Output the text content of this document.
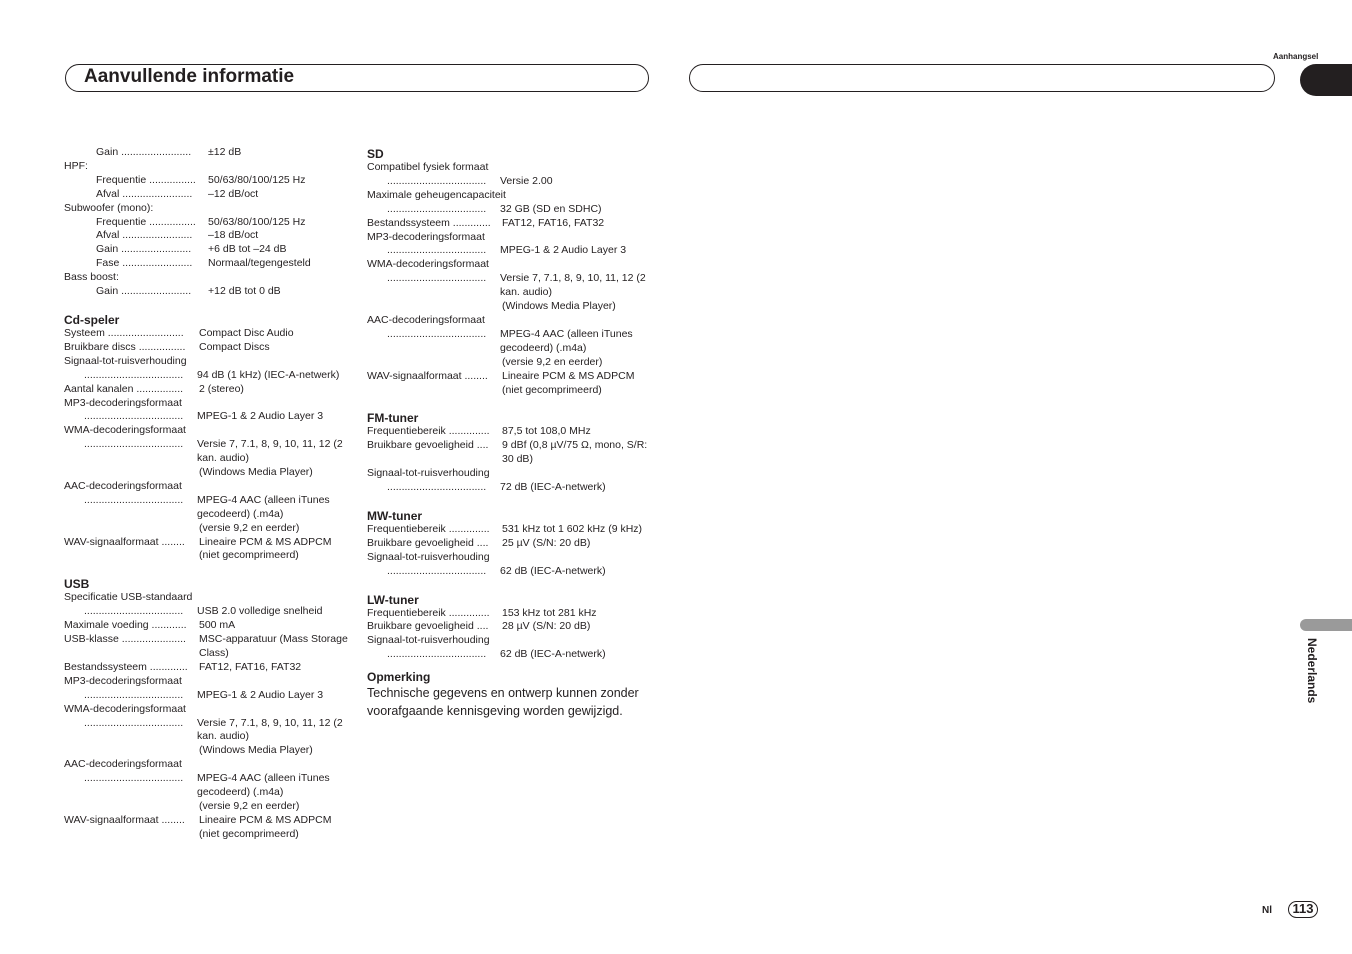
Aanhangsel
Aanvullende informatie
Nederlands
Nl	113
Gain ........................	±12 dB
HPF:
Frequentie ................	50/63/80/100/125 Hz
Afval ........................	–12 dB/oct
Subwoofer (mono):
Frequentie ................	50/63/80/100/125 Hz
Afval ........................	–18 dB/oct
Gain ........................	+6 dB tot –24 dB
Fase ........................	Normaal/tegengesteld
Bass boost:
Gain ........................	+12 dB tot 0 dB
Cd-speler
Systeem ..........................	Compact Disc Audio
Bruikbare discs ................	Compact Discs
Signaal-tot-ruisverhouding
..................................	94 dB (1 kHz) (IEC-A-netwerk)
Aantal kanalen ................	2 (stereo)
MP3-decoderingsformaat
..................................	MPEG-1 & 2 Audio Layer 3
WMA-decoderingsformaat
..................................	Versie 7, 7.1, 8, 9, 10, 11, 12 (2 kan. audio)
(Windows Media Player)
AAC-decoderingsformaat
..................................	MPEG-4 AAC (alleen iTunes gecodeerd) (.m4a)
(versie 9,2 en eerder)
WAV-signaalformaat ........	Lineaire PCM & MS ADPCM (niet gecomprimeerd)
USB
Specificatie USB-standaard
..................................	USB 2.0 volledige snelheid
Maximale voeding ............	500 mA
USB-klasse ......................	MSC-apparatuur (Mass Storage Class)
Bestandssysteem .............	FAT12, FAT16, FAT32
MP3-decoderingsformaat
..................................	MPEG-1 & 2 Audio Layer 3
WMA-decoderingsformaat
..................................	Versie 7, 7.1, 8, 9, 10, 11, 12 (2 kan. audio)
(Windows Media Player)
AAC-decoderingsformaat
..................................	MPEG-4 AAC (alleen iTunes gecodeerd) (.m4a)
(versie 9,2 en eerder)
WAV-signaalformaat ........	Lineaire PCM & MS ADPCM (niet gecomprimeerd)
SD
Compatibel fysiek formaat
..................................	Versie 2.00
Maximale geheugencapaciteit
..................................	32 GB (SD en SDHC)
Bestandssysteem .............	FAT12, FAT16, FAT32
MP3-decoderingsformaat
..................................	MPEG-1 & 2 Audio Layer 3
WMA-decoderingsformaat
..................................	Versie 7, 7.1, 8, 9, 10, 11, 12 (2 kan. audio)
(Windows Media Player)
AAC-decoderingsformaat
..................................	MPEG-4 AAC (alleen iTunes gecodeerd) (.m4a)
(versie 9,2 en eerder)
WAV-signaalformaat ........	Lineaire PCM & MS ADPCM (niet gecomprimeerd)
FM-tuner
Frequentiebereik ..............	87,5 tot 108,0 MHz
Bruikbare gevoeligheid ....	9 dBf (0,8 µV/75 Ω, mono, S/R: 30 dB)
Signaal-tot-ruisverhouding
..................................	72 dB (IEC-A-netwerk)
MW-tuner
Frequentiebereik ..............	531 kHz tot 1 602 kHz (9 kHz)
Bruikbare gevoeligheid ....	25 µV (S/N: 20 dB)
Signaal-tot-ruisverhouding
..................................	62 dB (IEC-A-netwerk)
LW-tuner
Frequentiebereik ..............	153 kHz tot 281 kHz
Bruikbare gevoeligheid ....	28 µV (S/N: 20 dB)
Signaal-tot-ruisverhouding
..................................	62 dB (IEC-A-netwerk)
Opmerking
Technische gegevens en ontwerp kunnen zonder voorafgaande kennisgeving worden gewijzigd.
